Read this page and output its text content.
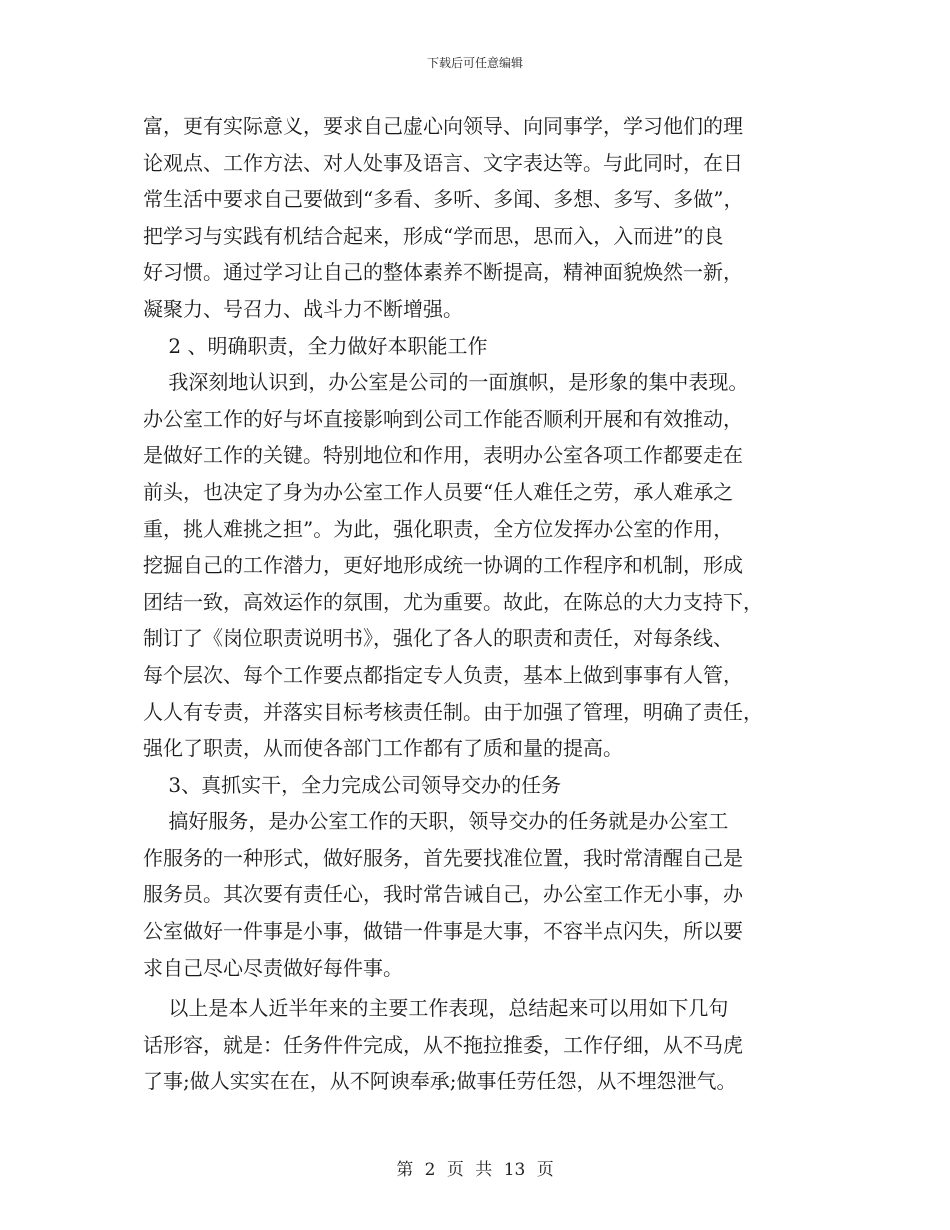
下载后可任意编辑
富，更有实际意义，要求自己虚心向领导、向同事学，学习他们的理
论观点、工作方法、对人处事及语言、文字表达等。与此同时，在日
常生活中要求自己要做到“多看、多听、多闻、多想、多写、多做”，
把学习与实践有机结合起来，形成“学而思，思而入，入而进”的良
好习惯。通过学习让自己的整体素养不断提高，精神面貌焕然一新，
凝聚力、号召力、战斗力不断增强。
2 、明确职责，全力做好本职能工作
我深刻地认识到，办公室是公司的一面旗帜，是形象的集中表现。
办公室工作的好与坏直接影响到公司工作能否顺利开展和有效推动，
是做好工作的关键。特别地位和作用，表明办公室各项工作都要走在
前头，也决定了身为办公室工作人员要“任人难任之劳，承人难承之
重，挑人难挑之担”。为此，强化职责，全方位发挥办公室的作用，
挖掘自己的工作潜力，更好地形成统一协调的工作程序和机制，形成
团结一致，高效运作的氛围，尤为重要。故此，在陈总的大力支持下，
制订了《岗位职责说明书》，强化了各人的职责和责任，对每条线、
每个层次、每个工作要点都指定专人负责，基本上做到事事有人管，
人人有专责，并落实目标考核责任制。由于加强了管理，明确了责任，
强化了职责，从而使各部门工作都有了质和量的提高。
3、真抓实干，全力完成公司领导交办的任务
搞好服务，是办公室工作的天职，领导交办的任务就是办公室工
作服务的一种形式，做好服务，首先要找准位置，我时常清醒自己是
服务员。其次要有责任心，我时常告诫自己，办公室工作无小事，办
公室做好一件事是小事，做错一件事是大事，不容半点闪失，所以要
求自己尽心尽责做好每件事。
以上是本人近半年来的主要工作表现，总结起来可以用如下几句
话形容，就是：任务件件完成，从不拖拉推委，工作仔细，从不马虎
了事;做人实实在在，从不阿谀奉承;做事任劳任怨，从不埋怨泄气。
第 2 页 共 13 页
